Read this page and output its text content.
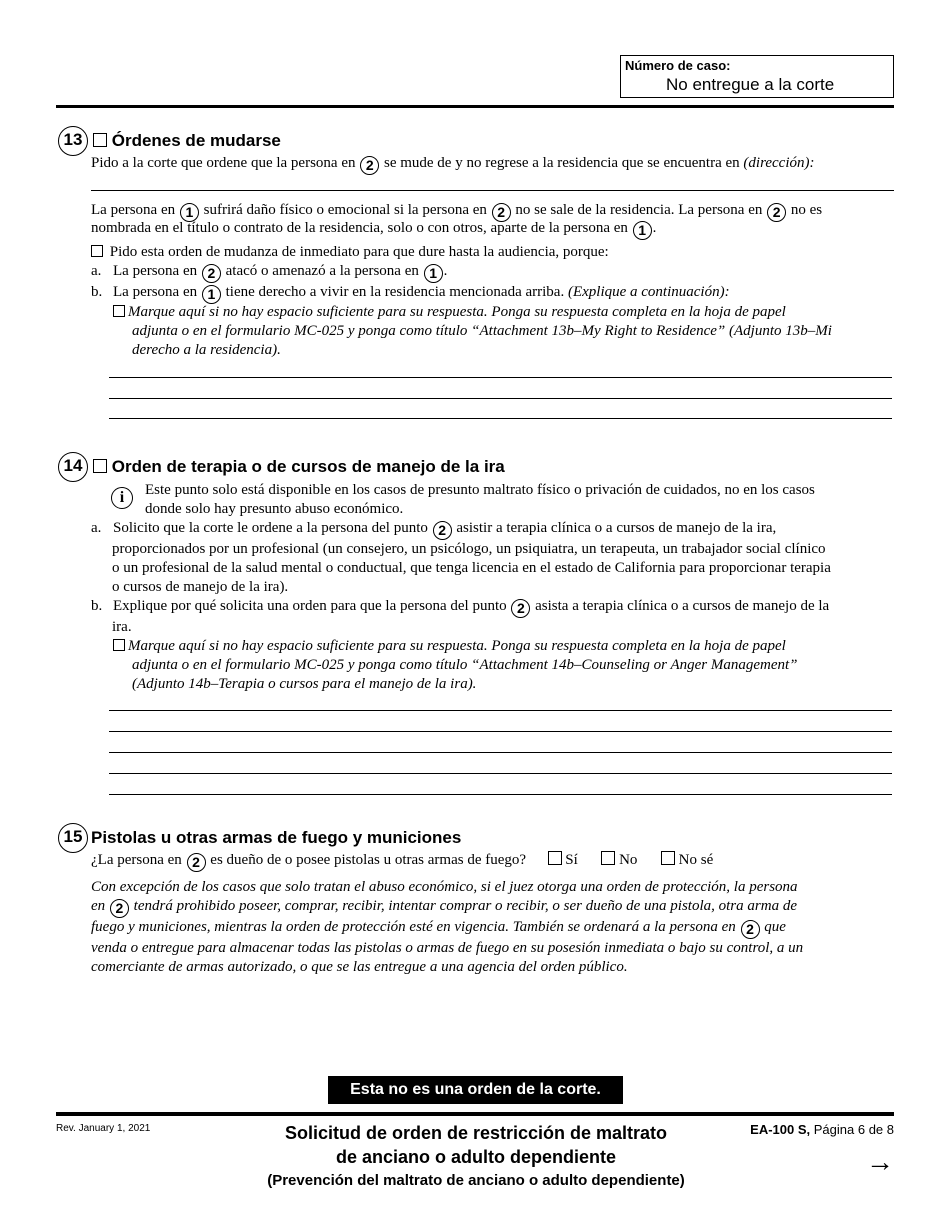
Número de caso:
No entregue a la corte
13	Órdenes de mudarse
Pido a la corte que ordene que la persona en 2 se mude de y no regrese a la residencia que se encuentra en (dirección):
La persona en 1 sufrirá daño físico o emocional si la persona en 2 no se sale de la residencia. La persona en 2 no es
nombrada en el título o contrato de la residencia, solo o con otros, aparte de la persona en 1 .
Pido esta orden de mudanza de inmediato para que dure hasta la audiencia, porque:
a. La persona en 2 atacó o amenazó a la persona en 1 .
b. La persona en 1 tiene derecho a vivir en la residencia mencionada arriba. (Explique a continuación):
Marque aquí si no hay espacio suficiente para su respuesta. Ponga su respuesta completa en la hoja de papel
adjunta o en el formulario MC-025 y ponga como título “Attachment 13b–My Right to Residence” (Adjunto 13b–Mi
derecho a la residencia).
14	Orden de terapia o de cursos de manejo de la ira
i	Este punto solo está disponible en los casos de presunto maltrato físico o privación de cuidados, no en los casos
donde solo hay presunto abuso económico.
a. Solicito que la corte le ordene a la persona del punto 2 asistir a terapia clínica o a cursos de manejo de la ira,
proporcionados por un profesional (un consejero, un psicólogo, un psiquiatra, un terapeuta, un trabajador social clínico
o un profesional de la salud mental o conductual, que tenga licencia en el estado de California para proporcionar terapia
o cursos de manejo de la ira).
b. Explique por qué solicita una orden para que la persona del punto 2 asista a terapia clínica o a cursos de manejo de la
ira.
Marque aquí si no hay espacio suficiente para su respuesta. Ponga su respuesta completa en la hoja de papel
adjunta o en el formulario MC-025 y ponga como título “Attachment 14b–Counseling or Anger Management”
(Adjunto 14b–Terapia o cursos para el manejo de la ira).
15 Pistolas u otras armas de fuego y municiones
¿La persona en 2 es dueño de o posee pistolas u otras armas de fuego?	Sí	No	No sé
Con excepción de los casos que solo tratan el abuso económico, si el juez otorga una orden de protección, la persona
en 2 tendrá prohibido poseer, comprar, recibir, intentar comprar o recibir, o ser dueño de una pistola, otra arma de
fuego y municiones, mientras la orden de protección esté en vigencia. También se ordenará a la persona en 2 que
venda o entregue para almacenar todas las pistolas o armas de fuego en su posesión inmediata o bajo su control, a un
comerciante de armas autorizado, o que se las entregue a una agencia del orden público.
Esta no es una orden de la corte.
Rev. January 1, 2021	Solicitud de orden de restricción de maltrato
de anciano o adulto dependiente
(Prevención del maltrato de anciano o adulto dependiente)
EA-100 S, Página 6 de 8
→
